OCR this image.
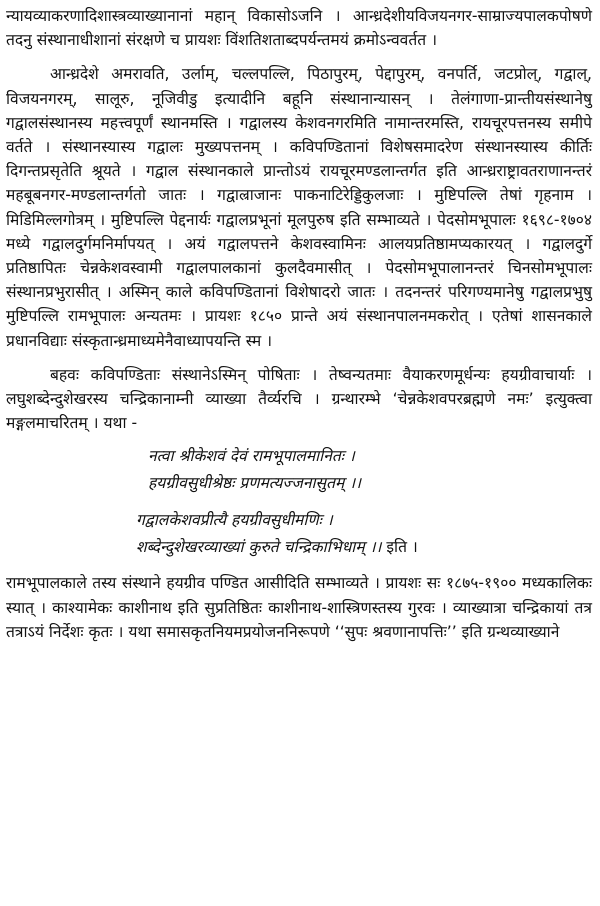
न्यायव्याकरणादिशास्त्रव्याख्यानानां महान् विकासोऽजनि । आन्ध्रदेशीयविजयनगर-साम्राज्यपालकपोषणे तदनु संस्थानाधीशानां संरक्षणे च प्रायशः विंशतिशताब्दपर्यन्तमयं क्रमोऽन्ववर्तत ।

आन्ध्रदेशे अमरावति, उर्लाम्, चल्लपल्लि, पिठापुरम्, पेद्दापुरम्, वनपर्ति, जटप्रोल्, गद्वाल्, विजयनगरम्, सालूरु, नूजिवीडु इत्यादीनि बहूनि संस्थानान्यासन् । तेलंगाणा-प्रान्तीयसंस्थानेषु गद्वालसंस्थानस्य महत्त्वपूर्णं स्थानमस्ति । गद्वालस्य केशवनगरमिति नामान्तरमस्ति, रायचूरपत्तनस्य समीपे वर्तते । संस्थानस्यास्य गद्वालः मुख्यपत्तनम् । कविपण्डितानां विशेषसमादरेण संस्थानस्यास्य कीर्तिः दिगन्तप्रसृतेति श्रूयते । गद्वाल संस्थानकाले प्रान्तोऽयं रायचूरमण्डलान्तर्गत इति आन्ध्रराष्ट्रावतराणानन्तरं महबूबनगर-मण्डलान्तर्गतो जातः । गद्वाल्राजानः पाकनाटिरेड्डिकुलजाः । मुष्टिपल्लि तेषां गृहनाम । मिडिमिल्लगोत्रम् । मुष्टिपल्लि पेद्दनार्यः गद्वालप्रभूनां मूलपुरुष इति सम्भाव्यते । पेदसोमभूपालः १६९८-१७०४ मध्ये गद्वालदुर्गमनिर्मापयत् । अयं गद्वालपत्तने केशवस्वामिनः आलयप्रतिष्ठामप्यकारयत् । गद्वालदुर्गे प्रतिष्ठापितः चेन्नकेशवस्वामी गद्वालपालकानां कुलदैवमासीत् । पेदसोमभूपालानन्तरं चिनसोमभूपालः संस्थानप्रभुरासीत् । अस्मिन् काले कविपण्डितानां विशेषादरो जातः । तदनन्तरं परिगण्यमानेषु गद्वालप्रभुषु मुष्टिपल्लि रामभूपालः अन्यतमः । प्रायशः १८५० प्रान्ते अयं संस्थानपालनमकरोत् । एतेषां शासनकाले प्रधानविद्याः संस्कृतान्ध्रमाध्यमेनैवाध्यापयन्ति स्म ।

बहवः कविपण्डिताः संस्थानेऽस्मिन् पोषिताः । तेष्वन्यतमाः वैयाकरणमूर्धन्यः हयग्रीवाचार्याः । लघुशब्देन्दुशेखरस्य चन्द्रिकानाम्नी व्याख्या तैर्व्यरचि । ग्रन्थारम्भे ‘चेन्नकेशवपरब्रह्मणे नमः’ इत्युक्त्वा मङ्गलमाचरितम् । यथा -

नत्वा श्रीकेशवं देवं रामभूपालमानितः ।

हयग्रीवसुधीश्रेष्ठः प्रणमत्यज्जनासुतम् ।।

गद्वालकेशवप्रीत्यै हयग्रीवसुधीमणिः ।

शब्देन्दुशेखरव्याख्यां कुरुते चन्द्रिकाभिधाम् ।। इति ।

रामभूपालकाले तस्य संस्थाने हयग्रीव पण्डित आसीदिति सम्भाव्यते । प्रायशः सः १८७५-१९०० मध्यकालिकः स्यात् । काश्यामेकः काशीनाथ इति सुप्रतिष्ठितः काशीनाथ-शास्त्रिणस्तस्य गुरवः । व्याख्यात्रा चन्द्रिकायां तत्र तत्राऽयं निर्देशः कृतः । यथा समासकृतनियमप्रयोजननिरूपणे ‘‘सुपः श्रवणानापत्तिः’’ इति ग्रन्थव्याख्याने
